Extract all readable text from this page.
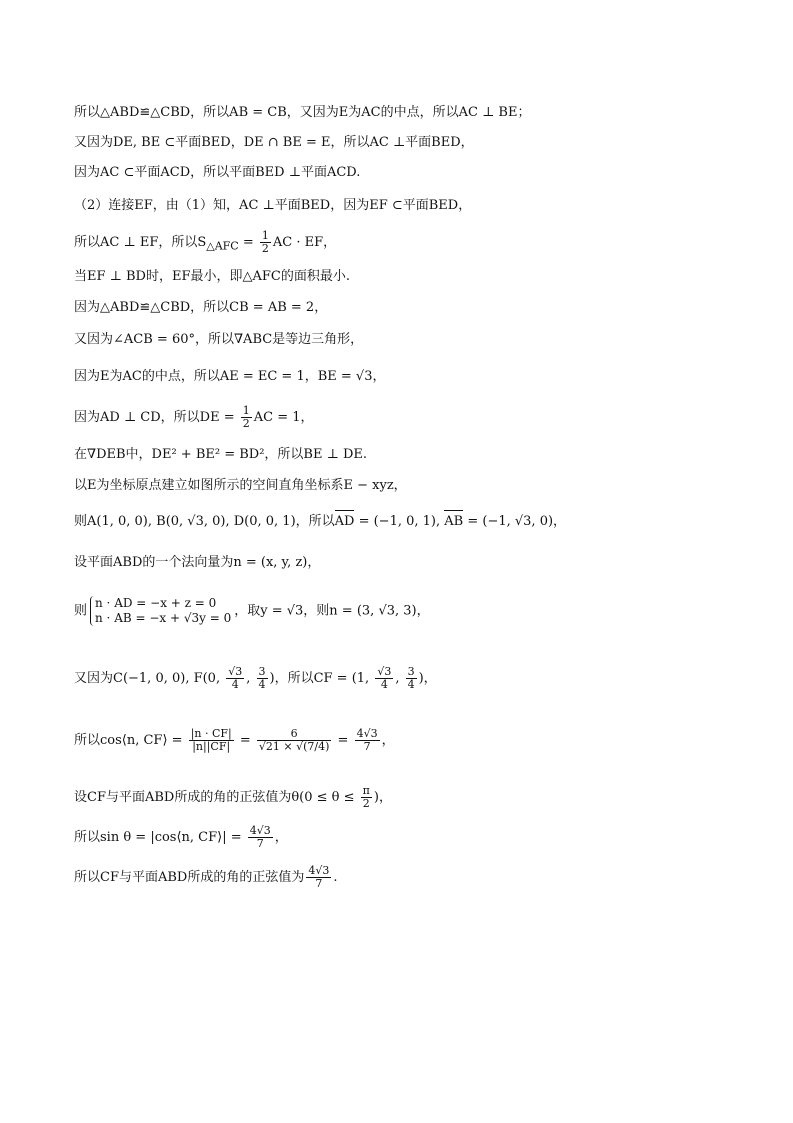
所以△ABD≌△CBD，所以AB = CB，又因为E为AC的中点，所以AC ⊥ BE；
又因为DE, BE ⊂平面BED，DE ∩ BE = E，所以AC ⊥平面BED，
因为AC ⊂平面ACD，所以平面BED ⊥平面ACD.
（2）连接EF，由（1）知，AC ⊥平面BED，因为EF ⊂平面BED，
所以AC ⊥ EF，所以$S_{\triangle AFC} = \frac{1}{2}$ AC · EF，
当EF ⊥ BD时，EF最小，即△AFC的面积最小.
因为△ABD≌△CBD，所以CB = AB = 2，
又因为∠ACB = 60°，所以∇ABC是等边三角形，
因为E为AC的中点，所以AE = EC = 1，BE = √3，
因为AD ⊥ CD，所以DE = $\frac{1}{2}$ AC = 1，
在∇DEB中，DE² + BE² = BD²，所以BE ⊥ DE.
以E为坐标原点建立如图所示的空间直角坐标系E − xyz，
则A(1, 0, 0), B(0, √3, 0), D(0, 0, 1)，所以AD = (−1, 0, 1), AB = (−1, √3, 0)，
设平面ABD的一个法向量为n = (x, y, z)，
则
n · AD = −x + z = 0
n · AB = −x + √3y = 0 ，取y = √3，则n = (3, √3, 3)，
又因为C(−1, 0, 0), F(0, $\frac{√3}{4}$ , $\frac{3}{4}$ )，所以CF = (1, $\frac{√3}{4}$ , $\frac{3}{4}$ )，
所以cos⟨n, CF⟩ = $\frac{|n \cdot CF|}{|n||CF|} = \frac{6}{√21 \times √(7/4)} = \frac{4√3}{7}$ ，
设CF与平面ABD所成的角的正弦值为$\theta(0 \le \theta \le \frac{\pi}{2}$ )，
所以sin θ = |cos⟨n, CF⟩| = $\frac{4√3}{7}$ ，
所以CF与平面ABD所成的角的正弦值为 $\frac{4√3}{7}$ .
